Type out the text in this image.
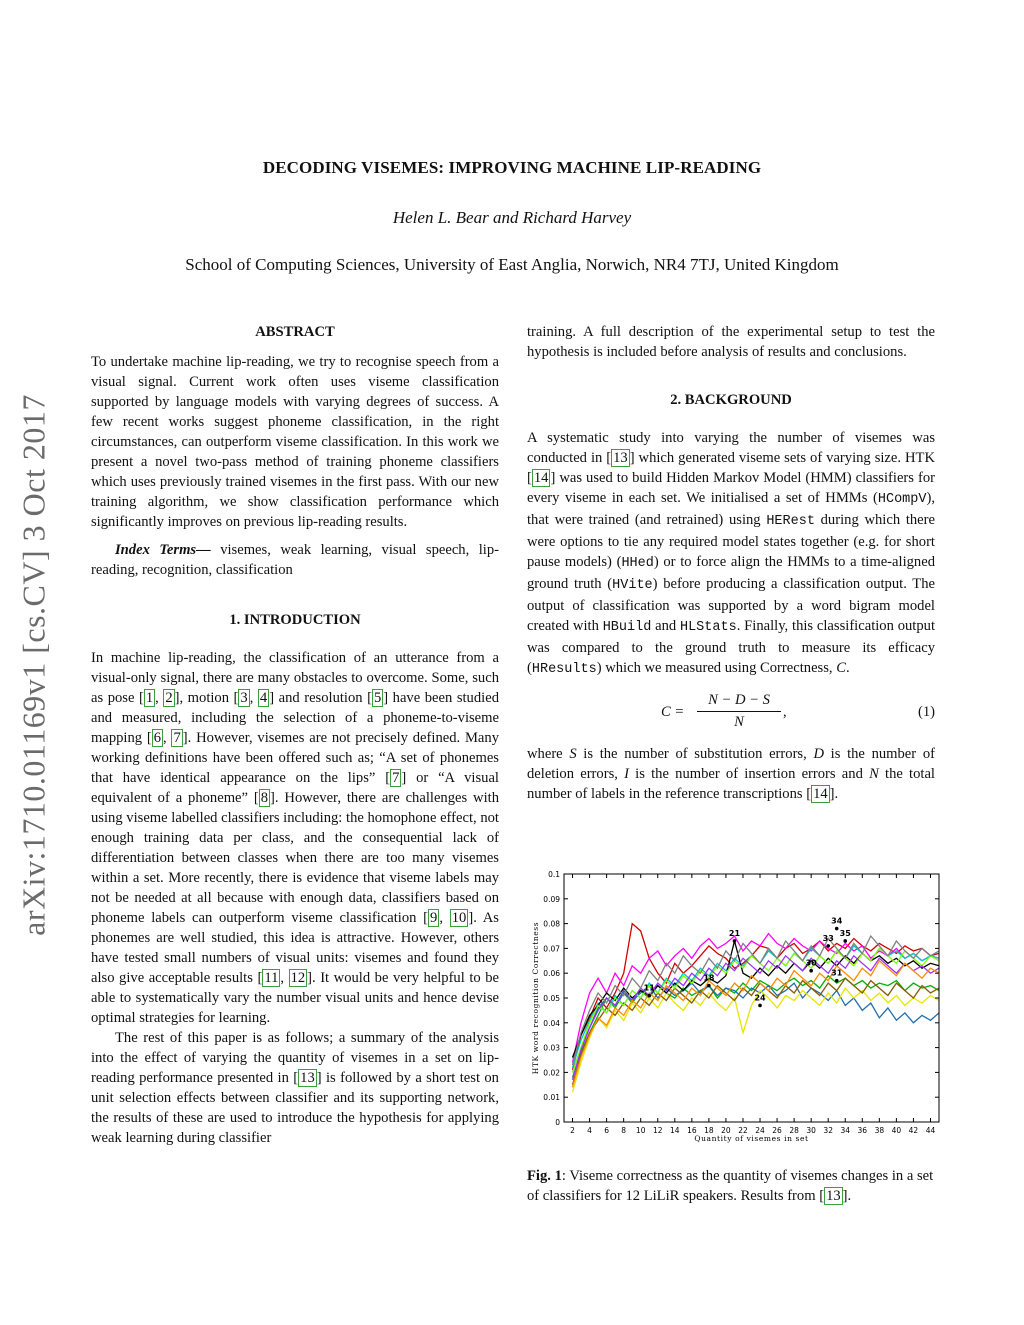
DECODING VISEMES: IMPROVING MACHINE LIP-READING
Helen L. Bear and Richard Harvey
School of Computing Sciences, University of East Anglia, Norwich, NR4 7TJ, United Kingdom
arXiv:1710.01169v1 [cs.CV] 3 Oct 2017

ABSTRACT

To undertake machine lip-reading, we try to recognise speech from a visual signal. Current work often uses viseme classification supported by language models with varying degrees of success. A few recent works suggest phoneme classification, in the right circumstances, can outperform viseme classification. In this work we present a novel two-pass method of training phoneme classifiers which uses previously trained visemes in the first pass. With our new training algorithm, we show classification performance which significantly improves on previous lip-reading results.

Index Terms— visemes, weak learning, visual speech, lip-reading, recognition, classification

1. INTRODUCTION

In machine lip-reading, the classification of an utterance from a visual-only signal, there are many obstacles to overcome. Some, such as pose [ 1 , 2 ], motion [ 3 , 4 ] and resolution [ 5 ] have been studied and measured, including the selection of a phoneme-to-viseme mapping [ 6 , 7 ]. However, visemes are not precisely defined. Many working definitions have been offered such as; “A set of phonemes that have identical appearance on the lips” [ 7 ] or “A visual equivalent of a phoneme” [ 8 ]. However, there are challenges with using viseme labelled classifiers including: the homophone effect, not enough training data per class, and the consequential lack of differentiation between classes when there are too many visemes within a set. More recently, there is evidence that viseme labels may not be needed at all because with enough data, classifiers based on phoneme labels can outperform viseme classification [ 9 , 10 ]. As phonemes are well studied, this idea is attractive. However, others have tested small numbers of visual units: visemes and found they also give acceptable results [ 11 , 12 ]. It would be very helpful to be able to systematically vary the number visual units and hence devise optimal strategies for learning.

The rest of this paper is as follows; a summary of the analysis into the effect of varying the quantity of visemes in a set on lip-reading performance presented in [ 13 ] is followed by a short test on unit selection effects between classifier and its supporting network, the results of these are used to introduce the hypothesis for applying weak learning during classifier

training. A full description of the experimental setup to test the hypothesis is included before analysis of results and conclusions.

2. BACKGROUND

A systematic study into varying the number of visemes was conducted in [ 13 ] which generated viseme sets of varying size. HTK [ 14 ] was used to build Hidden Markov Model (HMM) classifiers for every viseme in each set. We initialised a set of HMMs (HCompV), that were trained (and retrained) using HERest during which there were options to tie any required model states together (e.g. for short pause models) (HHed) or to force align the HMMs to a time-aligned ground truth (HVite) before producing a classification output. The output of classification was supported by a word bigram model created with HBuild and HLStats. Finally, this classification output was compared to the ground truth to measure its efficacy (HResults) which we measured using Correctness, C.

$C = \frac{N - D - S}{N}$ ,	(1)

where S is the number of substitution errors, D is the number of deletion errors, I is the number of insertion errors and N the total number of labels in the reference transcriptions [ 14 ].

0
0.01
0.02
0.03
0.04
0.05
0.06
0.07
0.08
0.09
0.1
2 4 6 8 10 12 14 16 18 20 22 24 26 28 30 32 34 36 38 40 42 44
21
18
11
24
30
33
34
35
31
Quantity of visemes in set
HTK word recognition Correctness
Fig. 1: Viseme correctness as the quantity of visemes changes in a set of classifiers for 12 LiLiR speakers. Results from [ 13 ].
